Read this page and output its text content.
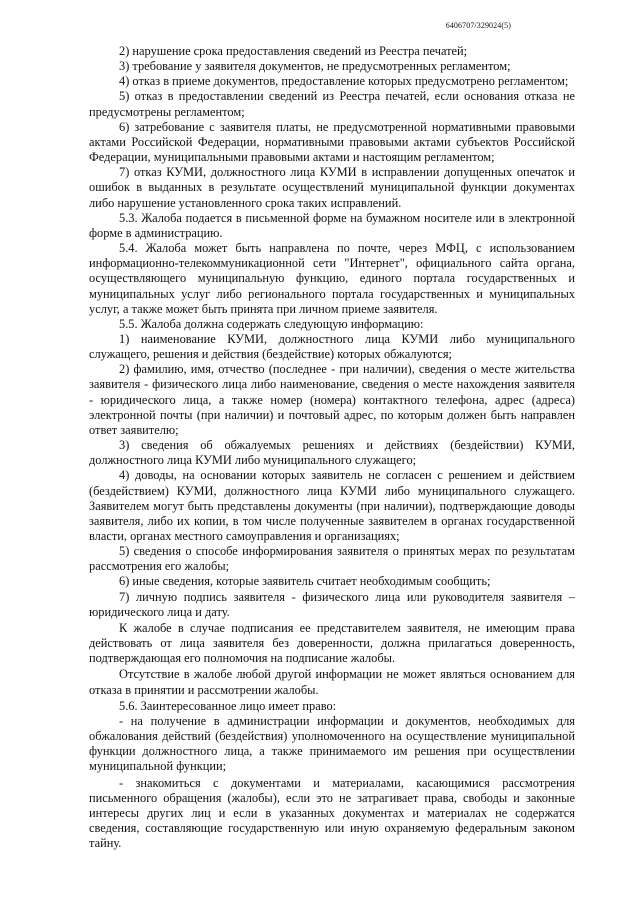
6406707/329024(5)

2) нарушение срока предоставления сведений из Реестра печатей;

3) требование у заявителя документов, не предусмотренных регламентом;

4) отказ в приеме документов, предоставление которых предусмотрено регламентом;

5) отказ в предоставлении сведений из Реестра печатей, если основания отказа не предусмотрены регламентом;

6) затребование с заявителя платы, не предусмотренной нормативными правовыми актами Российской Федерации, нормативными правовыми актами субъектов Российской Федерации, муниципальными правовыми актами и настоящим регламентом;

7) отказ КУМИ, должностного лица КУМИ в исправлении допущенных опечаток и ошибок в выданных в результате осуществлений муниципальной функции документах либо нарушение установленного срока таких исправлений.

5.3. Жалоба подается в письменной форме на бумажном носителе или в электронной форме в администрацию.

5.4. Жалоба может быть направлена по почте, через МФЦ, с использованием информационно-телекоммуникационной сети "Интернет", официального сайта органа, осуществляющего муниципальную функцию, единого портала государственных и муниципальных услуг либо регионального портала государственных и муниципальных услуг, а также может быть принята при личном приеме заявителя.

5.5. Жалоба должна содержать следующую информацию:

1) наименование КУМИ, должностного лица КУМИ либо муниципального служащего, решения и действия (бездействие) которых обжалуются;

2) фамилию, имя, отчество (последнее - при наличии), сведения о месте жительства заявителя - физического лица либо наименование, сведения о месте нахождения заявителя - юридического лица, а также номер (номера) контактного телефона, адрес (адреса) электронной почты (при наличии) и почтовый адрес, по которым должен быть направлен ответ заявителю;

3) сведения об обжалуемых решениях и действиях (бездействии) КУМИ, должностного лица КУМИ либо муниципального служащего;

4) доводы, на основании которых заявитель не согласен с решением и действием (бездействием) КУМИ, должностного лица КУМИ либо муниципального служащего. Заявителем могут быть представлены документы (при наличии), подтверждающие доводы заявителя, либо их копии, в том числе полученные заявителем в органах государственной власти, органах местного самоуправления и организациях;

5) сведения о способе информирования заявителя о принятых мерах по результатам рассмотрения его жалобы;

6) иные сведения, которые заявитель считает необходимым сообщить;

7) личную подпись заявителя - физического лица или руководителя заявителя – юридического лица и дату.

К жалобе в случае подписания ее представителем заявителя, не имеющим права действовать от лица заявителя без доверенности, должна прилагаться доверенность, подтверждающая его полномочия на подписание жалобы.

Отсутствие в жалобе любой другой информации не может являться основанием для отказа в принятии и рассмотрении жалобы.

5.6. Заинтересованное лицо имеет право:

- на получение в администрации информации и документов, необходимых для обжалования действий (бездействия) уполномоченного на осуществление муниципальной функции должностного лица, а также принимаемого им решения при осуществлении муниципальной функции;

- знакомиться с документами и материалами, касающимися рассмотрения письменного обращения (жалобы), если это не затрагивает права, свободы и законные интересы других лиц и если в указанных документах и материалах не содержатся сведения, составляющие государственную или иную охраняемую федеральным законом тайну.
